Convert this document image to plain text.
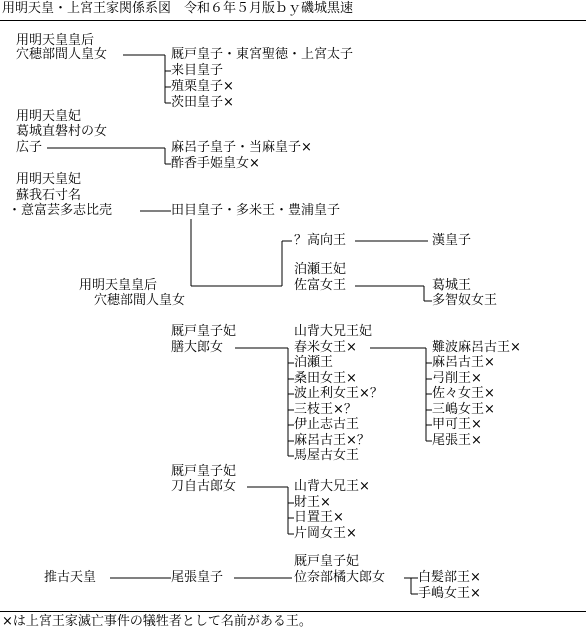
用明天皇・上宮王家関係系図　令和６年５月版ｂｙ磯城黒速
用明天皇皇后
穴穂部間人皇女	厩戸皇子・東宮聖徳・上宮太子
来目皇子
殖栗皇子×
茨田皇子×
用明天皇妃
葛城直磐村の女
広子	麻呂子皇子・当麻皇子×
酢香手姫皇女×
用明天皇妃
蘇我石寸名
・意富芸多志比売	田目皇子・多米王・豊浦皇子
用明天皇皇后
穴穂部間人皇女
？高向王	漢皇子
泊瀬王妃
佐富女王	葛城王
多智奴女王
厩戸皇子妃
膳大郎女
山背大兄王妃
春米女王×
泊瀬王
桑田女王×
波止利女王×？
三枝王×？
伊止志古王
麻呂古王×？
馬屋古女王
難波麻呂古王×
麻呂古王×
弓削王×
佐々女王×
三嶋女王×
甲可王×
尾張王×
厩戸皇子妃
刀自古郎女	山背大兄王×
財王×
日置王×
片岡女王×
推古天皇	尾張皇子
厩戸皇子妃
位奈部橘大郎女	白髪部王×
手嶋女王×
×は上宮王家滅亡事件の犠牲者として名前がある王。
